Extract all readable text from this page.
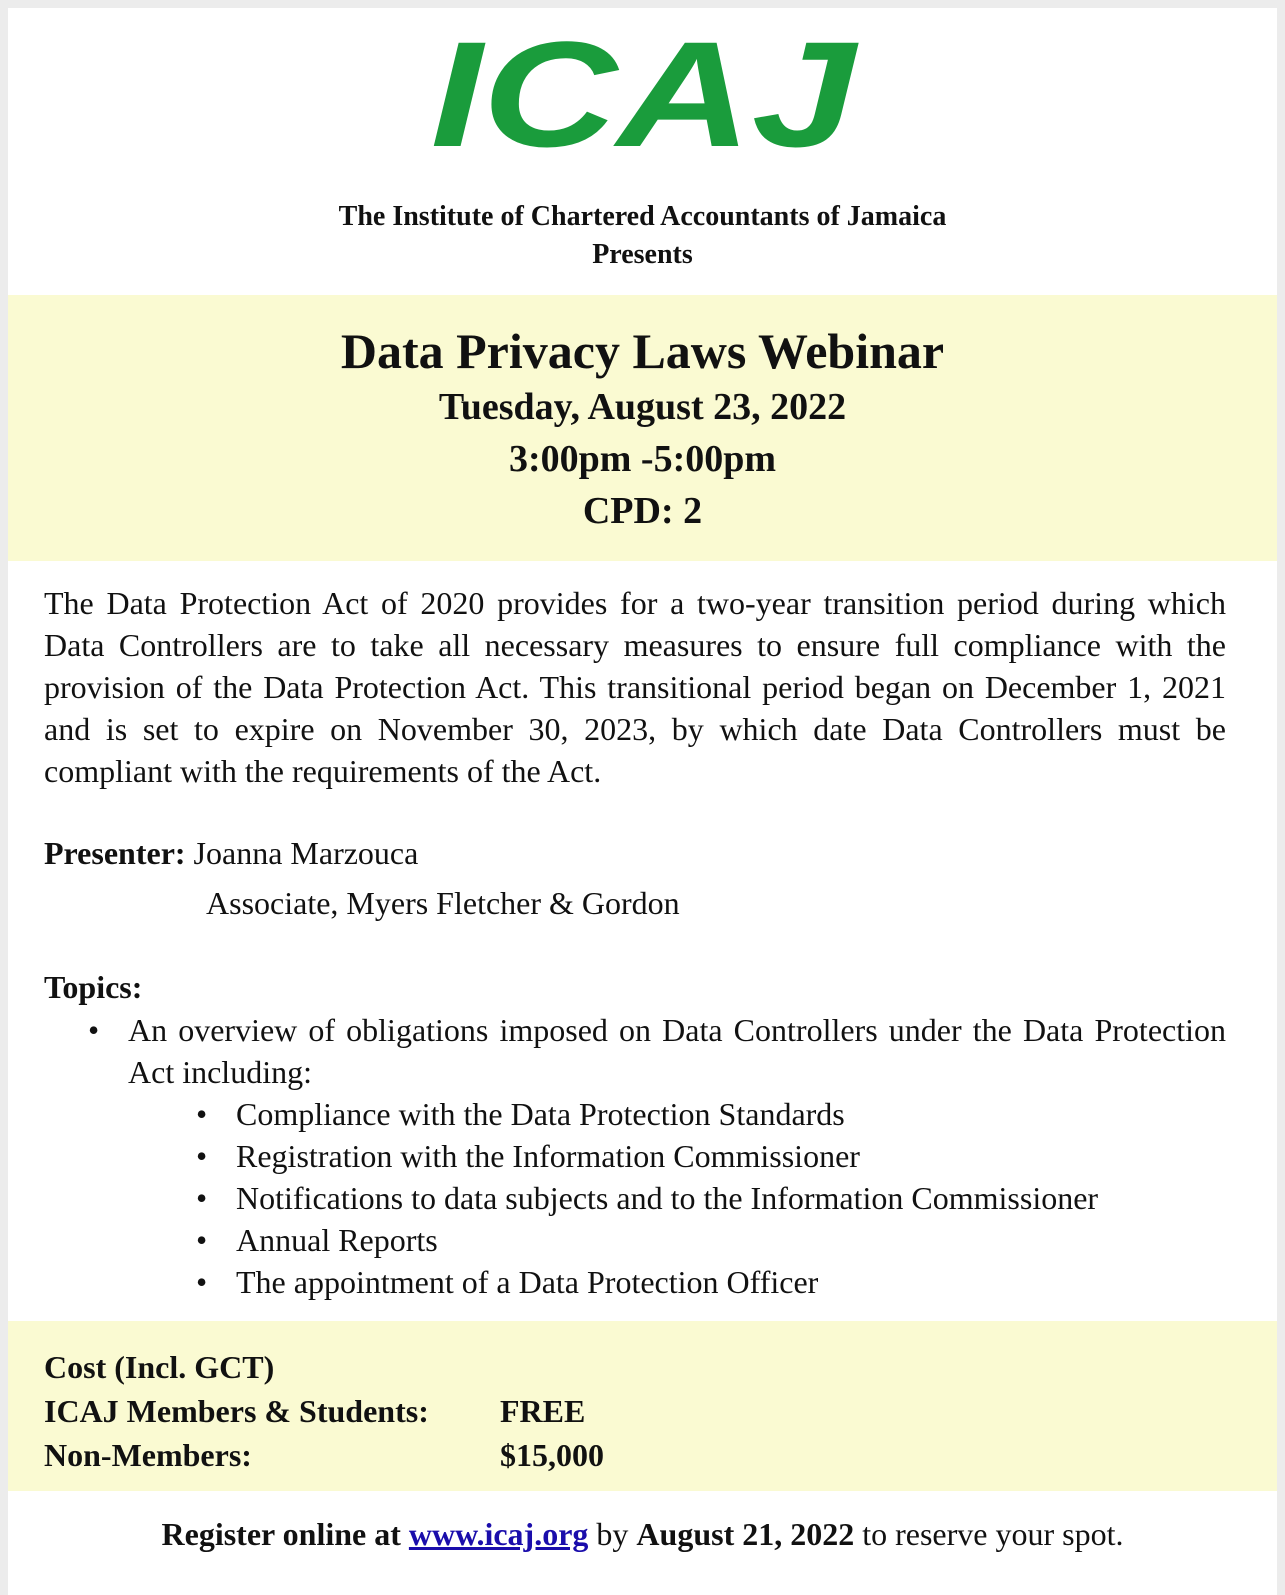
ICAJ
The Institute of Chartered Accountants of Jamaica
Presents
Data Privacy Laws Webinar
Tuesday, August 23, 2022
3:00pm -5:00pm
CPD: 2
The Data Protection Act of 2020 provides for a two-year transition period during which Data Controllers are to take all necessary measures to ensure full compliance with the provision of the Data Protection Act. This transitional period began on December 1, 2021 and is set to expire on November 30, 2023, by which date Data Controllers must be compliant with the requirements of the Act.
Presenter: Joanna Marzouca
Associate, Myers Fletcher & Gordon
Topics:
• An overview of obligations imposed on Data Controllers under the Data Protection Act including:
• Compliance with the Data Protection Standards
• Registration with the Information Commissioner
• Notifications to data subjects and to the Information Commissioner
• Annual Reports
• The appointment of a Data Protection Officer
Cost (Incl. GCT)
ICAJ Members & Students:	FREE
Non-Members:	$15,000
Register online at www.icaj.org by August 21, 2022 to reserve your spot.
